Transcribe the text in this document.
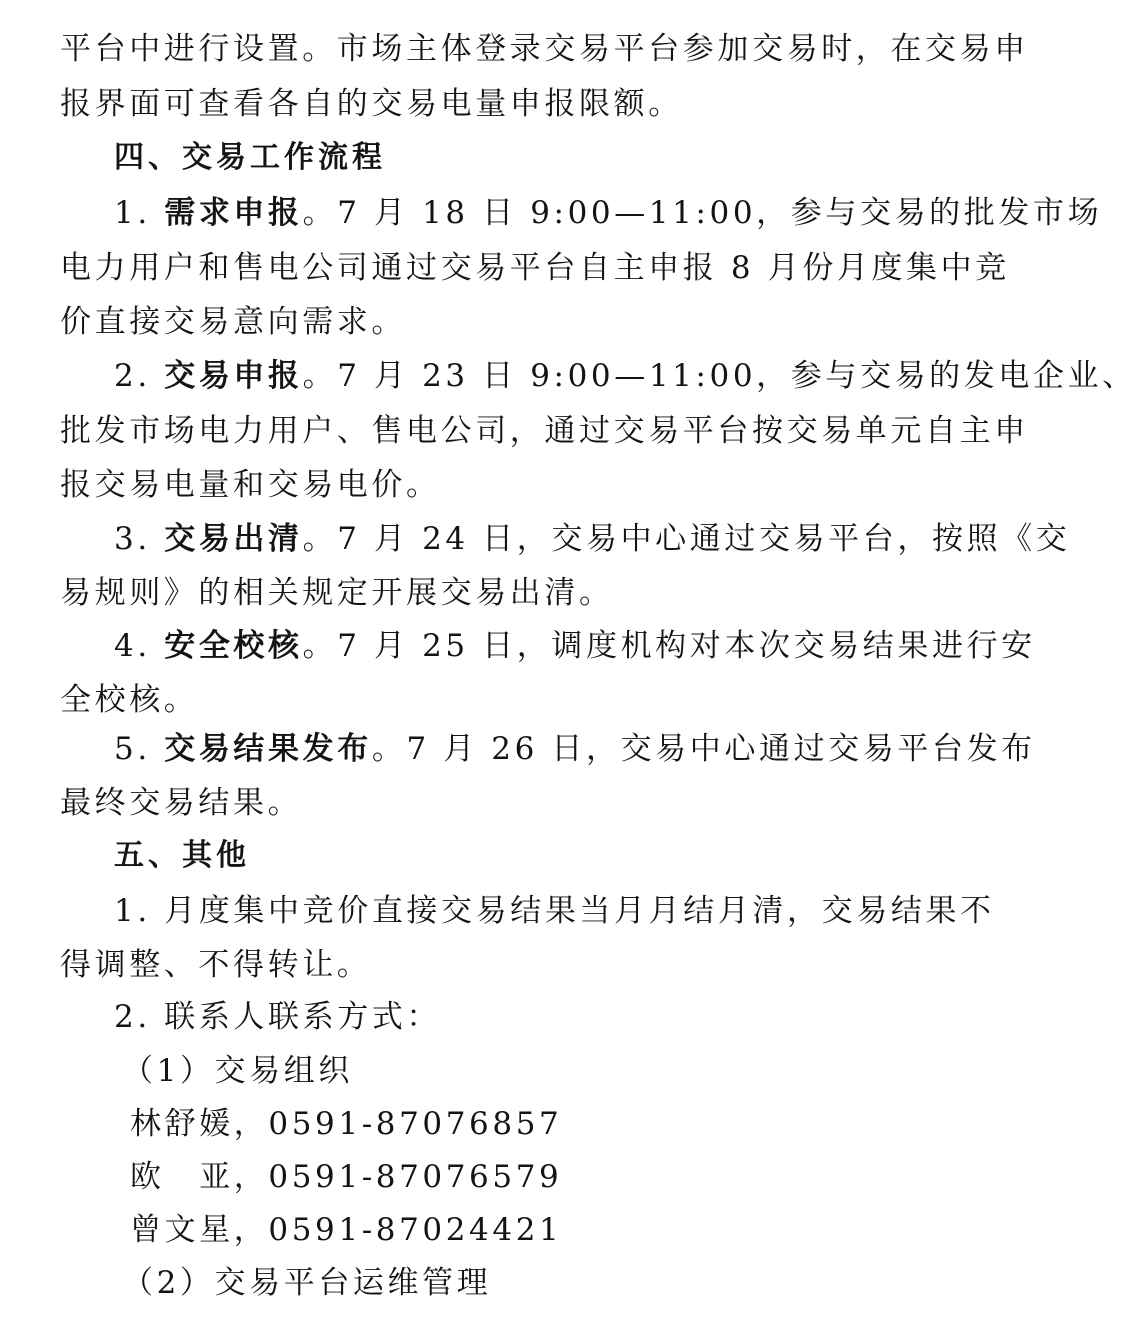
平台中进行设置。市场主体登录交易平台参加交易时，在交易申
报界面可查看各自的交易电量申报限额。
四、交易工作流程
1. 需求申报。7 月 18 日 9:00—11:00，参与交易的批发市场
电力用户和售电公司通过交易平台自主申报 8 月份月度集中竞
价直接交易意向需求。
2. 交易申报。7 月 23 日 9:00—11:00，参与交易的发电企业、
批发市场电力用户、售电公司，通过交易平台按交易单元自主申
报交易电量和交易电价。
3. 交易出清。7 月 24 日，交易中心通过交易平台，按照《交
易规则》的相关规定开展交易出清。
4. 安全校核。7 月 25 日，调度机构对本次交易结果进行安
全校核。
5. 交易结果发布。7 月 26 日，交易中心通过交易平台发布
最终交易结果。
五、其他
1. 月度集中竞价直接交易结果当月月结月清，交易结果不
得调整、不得转让。
2. 联系人联系方式：
（1）交易组织
林舒媛，0591-87076857
欧　亚，0591-87076579
曾文星，0591-87024421
（2）交易平台运维管理
